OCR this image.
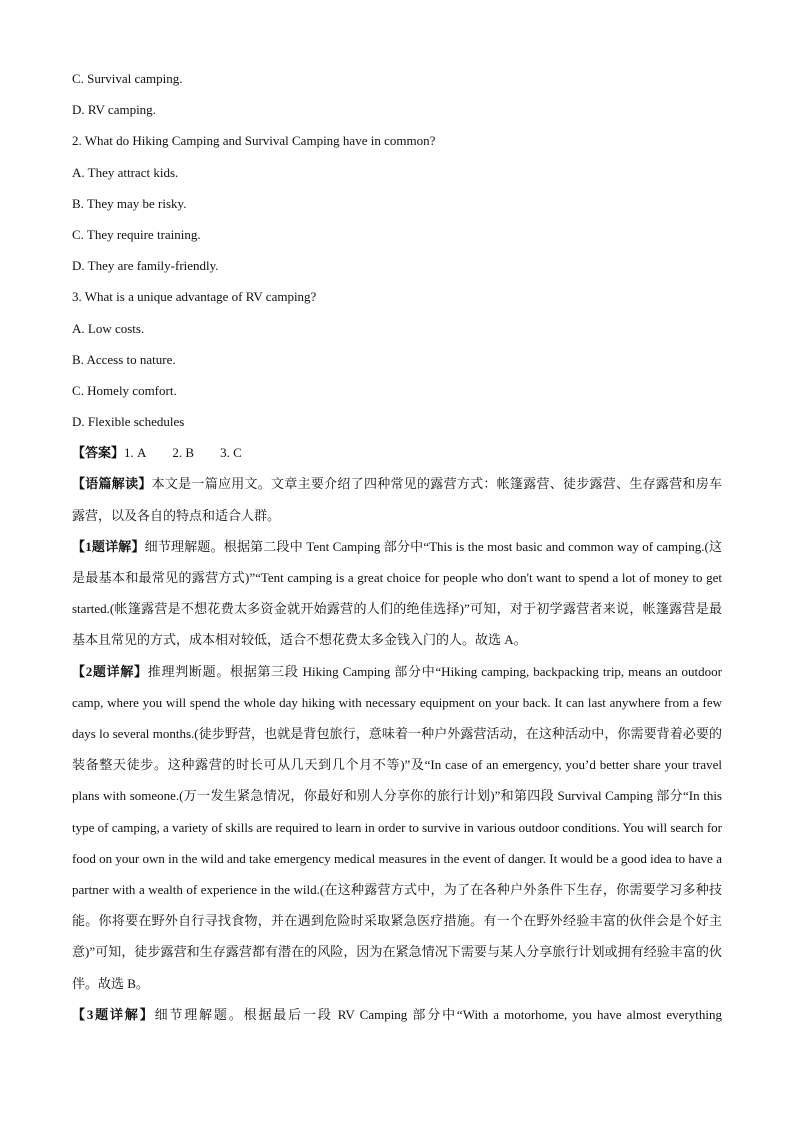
C. Survival camping.
D. RV camping.
2. What do Hiking Camping and Survival Camping have in common?
A. They attract kids.
B. They may be risky.
C. They require training.
D. They are family-friendly.
3. What is a unique advantage of RV camping?
A. Low costs.
B. Access to nature.
C. Homely comfort.
D. Flexible schedules
【答案】1. A 2. B 3. C

【语篇解读】本文是一篇应用文。文章主要介绍了四种常见的露营方式：帐篷露营、徒步露营、生存露营和房车露营，以及各自的特点和适合人群。

【1题详解】细节理解题。根据第二段中 Tent Camping 部分中“This is the most basic and common way of camping.(这是最基本和最常见的露营方式)”“Tent camping is a great choice for people who don't want to spend a lot of money to get started.(帐篷露营是不想花费太多资金就开始露营的人们的绝佳选择)”可知，对于初学露营者来说，帐篷露营是最基本且常见的方式，成本相对较低，适合不想花费太多金钱入门的人。故选 A。

【2题详解】推理判断题。根据第三段 Hiking Camping 部分中“Hiking camping, backpacking trip, means an outdoor camp, where you will spend the whole day hiking with necessary equipment on your back. It can last anywhere from a few days lo several months.(徒步野营，也就是背包旅行，意味着一种户外露营活动，在这种活动中，你需要背着必要的装备整天徒步。这种露营的时长可从几天到几个月不等)”及“In case of an emergency, you’d better share your travel plans with someone.(万一发生紧急情况，你最好和别人分享你的旅行计划)”和第四段 Survival Camping 部分“In this type of camping, a variety of skills are required to learn in order to survive in various outdoor conditions. You will search for food on your own in the wild and take emergency medical measures in the event of danger. It would be a good idea to have a partner with a wealth of experience in the wild.(在这种露营方式中，为了在各种户外条件下生存，你需要学习多种技能。你将要在野外自行寻找食物，并在遇到危险时采取紧急医疗措施。有一个在野外经验丰富的伙伴会是个好主意)”可知，徒步露营和生存露营都有潜在的风险，因为在紧急情况下需要与某人分享旅行计划或拥有经验丰富的伙伴。故选 B。

【3题详解】细节理解题。根据最后一段 RV Camping 部分中“With a motorhome, you have almost everything
